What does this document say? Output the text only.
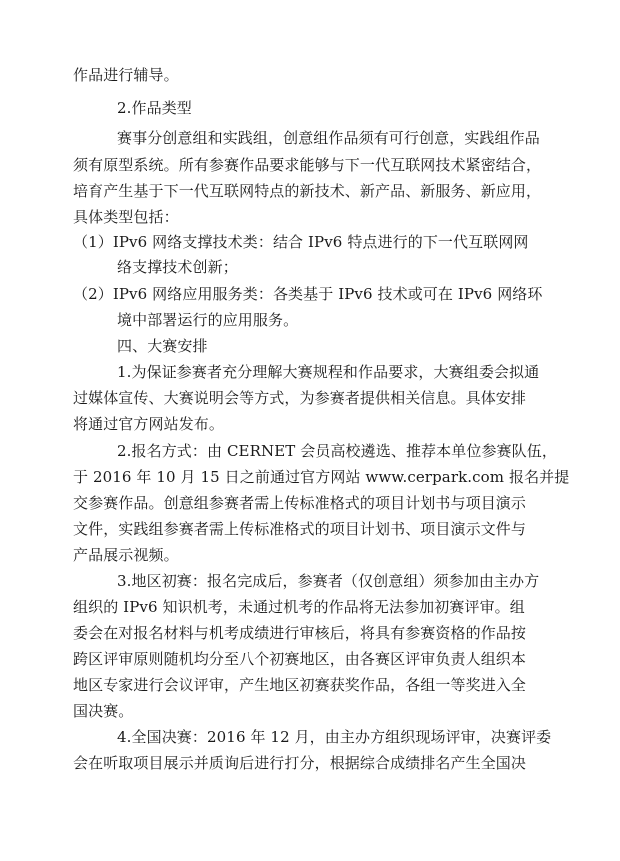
作品进行辅导。
2.作品类型
赛事分创意组和实践组，创意组作品须有可行创意，实践组作品
须有原型系统。所有参赛作品要求能够与下一代互联网技术紧密结合，
培育产生基于下一代互联网特点的新技术、新产品、新服务、新应用，
具体类型包括：
（1）IPv6 网络支撑技术类：结合 IPv6 特点进行的下一代互联网网
络支撑技术创新；
（2）IPv6 网络应用服务类：各类基于 IPv6 技术或可在 IPv6 网络环
境中部署运行的应用服务。
四、大赛安排
1.为保证参赛者充分理解大赛规程和作品要求，大赛组委会拟通
过媒体宣传、大赛说明会等方式，为参赛者提供相关信息。具体安排
将通过官方网站发布。
2.报名方式：由 CERNET 会员高校遴选、推荐本单位参赛队伍，
于 2016 年 10 月 15 日之前通过官方网站 www.cerpark.com 报名并提
交参赛作品。创意组参赛者需上传标准格式的项目计划书与项目演示
文件，实践组参赛者需上传标准格式的项目计划书、项目演示文件与
产品展示视频。
3.地区初赛：报名完成后，参赛者（仅创意组）须参加由主办方
组织的 IPv6 知识机考，未通过机考的作品将无法参加初赛评审。组
委会在对报名材料与机考成绩进行审核后，将具有参赛资格的作品按
跨区评审原则随机均分至八个初赛地区，由各赛区评审负责人组织本
地区专家进行会议评审，产生地区初赛获奖作品，各组一等奖进入全
国决赛。
4.全国决赛：2016 年 12 月，由主办方组织现场评审，决赛评委
会在听取项目展示并质询后进行打分，根据综合成绩排名产生全国决
